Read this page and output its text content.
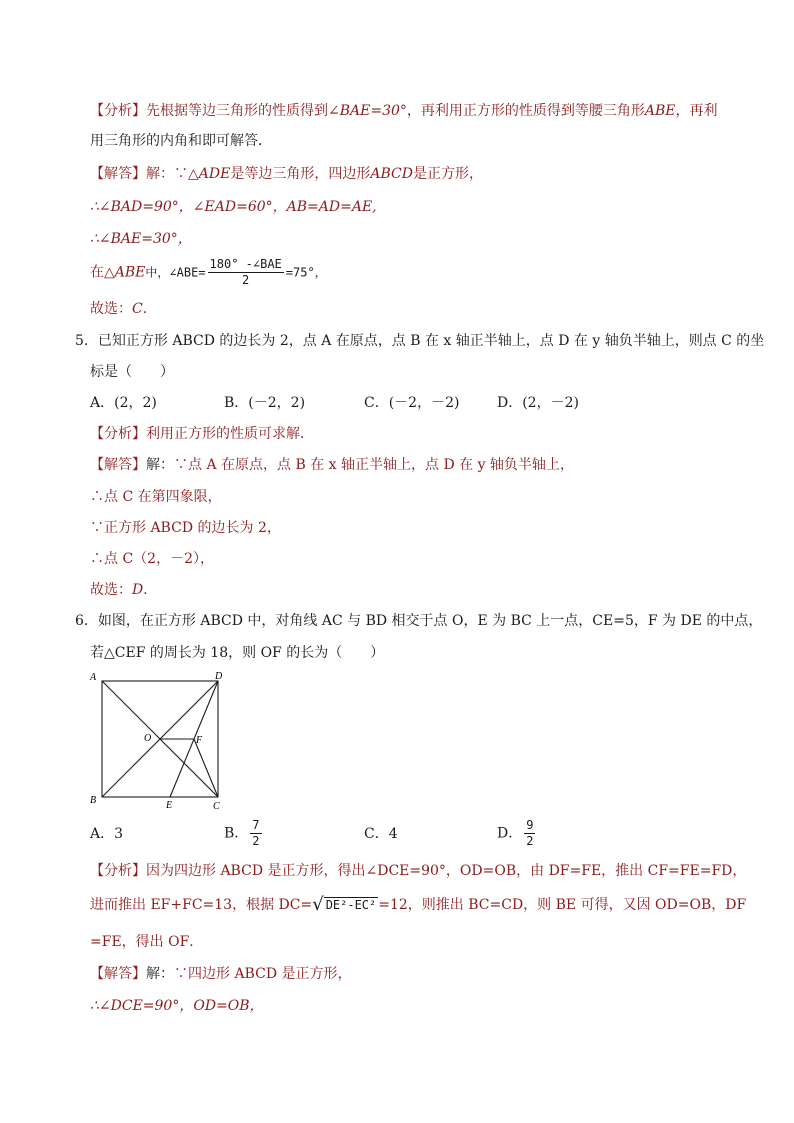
【分析】先根据等边三角形的性质得到∠BAE=30°，再利用正方形的性质得到等腰三角形ABE，再利
用三角形的内角和即可解答．
【解答】解：∵△ADE是等边三角形，四边形ABCD是正方形，
∴∠BAD=90°，∠EAD=60°，AB=AD=AE,
∴∠BAE=30°，
在△ABE中，∠ABE= $\frac{\text{180° -∠BAE}}{2} =75^\circ$，
故选：C．
5．已知正方形 ABCD 的边长为 2，点 A 在原点，点 B 在 x 轴正半轴上，点 D 在 y 轴负半轴上，则点 C 的坐
标是（　　）
A．(2，2)	B．(－2，2)	C．(－2，－2)	D．(2，－2)
【分析】利用正方形的性质可求解．
【解答】解：∵点 A 在原点，点 B 在 x 轴正半轴上，点 D 在 y 轴负半轴上，
∴点 C 在第四象限，
∵正方形 ABCD 的边长为 2，
∴点 C（2，－2），
故选：D．
6．如图，在正方形 ABCD 中，对角线 AC 与 BD 相交于点 O，E 为 BC 上一点，CE=5，F 为 DE 的中点，
若△CEF 的周长为 18，则 OF 的长为（　　）
A
B
C
D
O
E
F
A．3	B． $\frac{7}{2}$	C．4	D． $\frac{9}{2}$
【分析】因为四边形 ABCD 是正方形，得出∠DCE=90°，OD=OB，由 DF=FE，推出 CF=FE=FD，
进而推出 EF+FC=13，根据 DC=√ DE²-EC² =12，则推出 BC=CD，则 BE 可得，又因 OD=OB，DF
=FE，得出 OF．
【解答】解：∵四边形 ABCD 是正方形，
∴∠DCE=90°，OD=OB，
